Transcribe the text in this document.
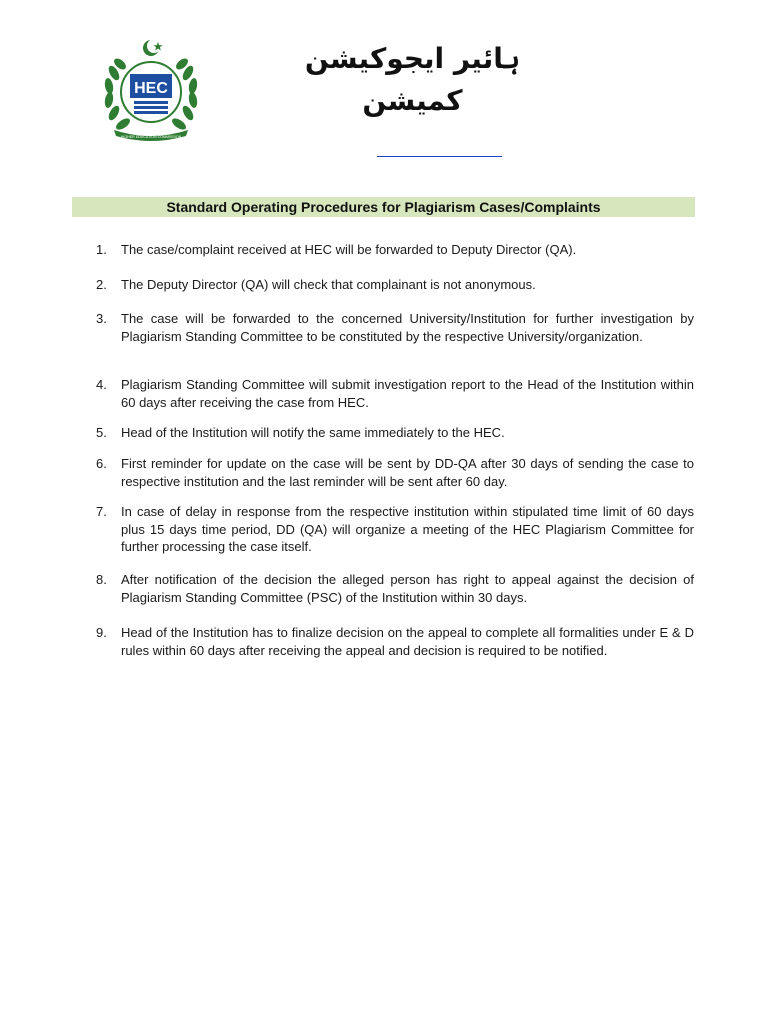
HEC
HIGHER EDUCATION COMMISSION
ہائیر ایجوکیشن کمیشن
Standard Operating Procedures for Plagiarism Cases/Complaints
1.	The case/complaint received at HEC will be forwarded to Deputy Director (QA).
2.	The Deputy Director (QA) will check that complainant is not anonymous.
3.	The case will be forwarded to the concerned University/Institution for further investigation by Plagiarism Standing Committee to be constituted by the respective University/organization.
4.	Plagiarism Standing Committee will submit investigation report to the Head of the Institution within 60 days after receiving the case from HEC.
5.	Head of the Institution will notify the same immediately to the HEC.
6.	First reminder for update on the case will be sent by DD-QA after 30 days of sending the case to respective institution and the last reminder will be sent after 60 day.
7.	In case of delay in response from the respective institution within stipulated time limit of 60 days plus 15 days time period, DD (QA) will organize a meeting of the HEC Plagiarism Committee for further processing the case itself.
8.	After notification of the decision the alleged person has right to appeal against the decision of Plagiarism Standing Committee (PSC) of the Institution within 30 days.
9.	Head of the Institution has to finalize decision on the appeal to complete all formalities under E & D rules within 60 days after receiving the appeal and decision is required to be notified.
